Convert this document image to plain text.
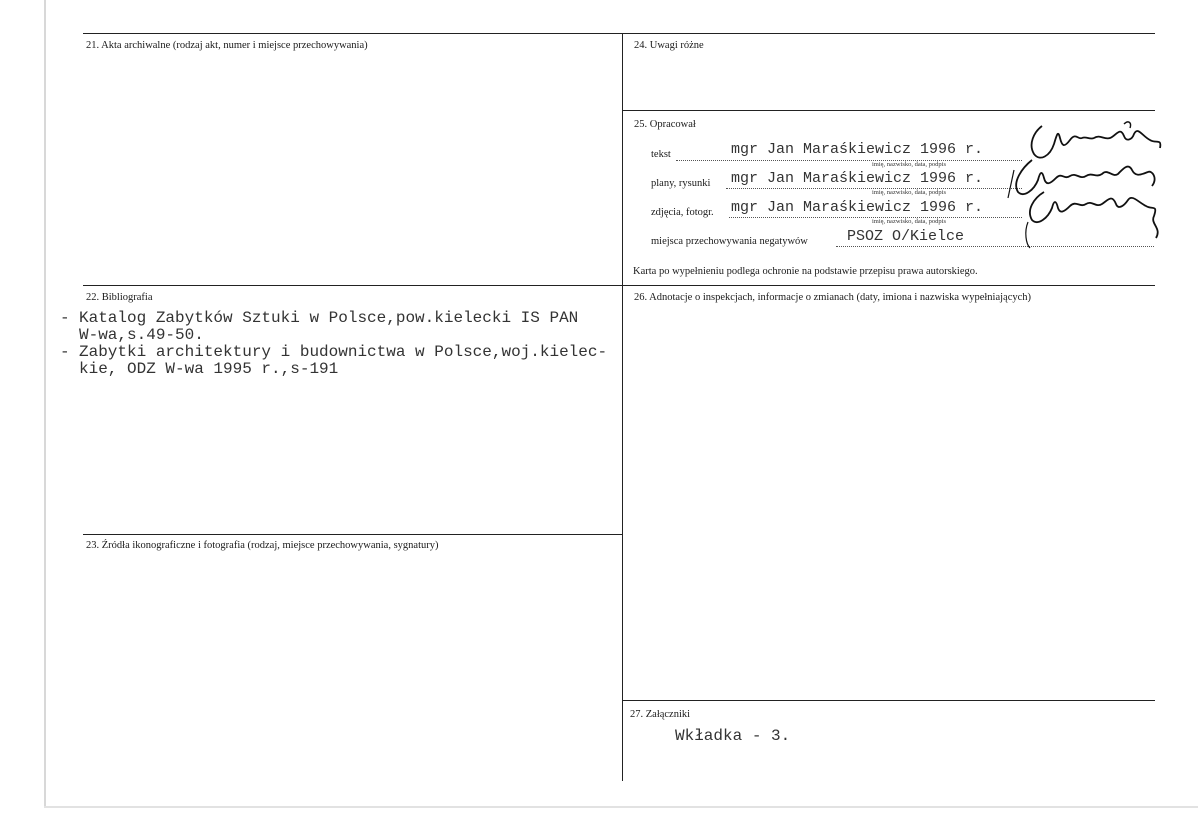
21. Akta archiwalne (rodzaj akt, numer i miejsce przechowywania)	24. Uwagi różne
25. Opracował
tekst	mgr Jan Maraśkiewicz 1996 r.
imię, nazwisko, data, podpis
plany, rysunki mgr Jan Maraśkiewicz 1996 r.
imię, nazwisko, data, podpis
zdjęcia, fotogr. mgr Jan Maraśkiewicz 1996 r.
imię, nazwisko, data, podpis
miejsca przechowywania negatywów	PSOZ O/Kielce
Karta po wypełnieniu podlega ochronie na podstawie przepisu prawa autorskiego.
22. Bibliografia
- Katalog Zabytków Sztuki w Polsce,pow.kielecki IS PAN
W-wa,s.49-50.
- Zabytki architektury i budownictwa w Polsce,woj.kielec-
kie, ODZ W-wa 1995 r.,s-191
26. Adnotacje o inspekcjach, informacje o zmianach (daty, imiona i nazwiska wypełniających)
23. Źródła ikonograficzne i fotografia (rodzaj, miejsce przechowywania, sygnatury)
27. Załączniki
Wkładka - 3.
